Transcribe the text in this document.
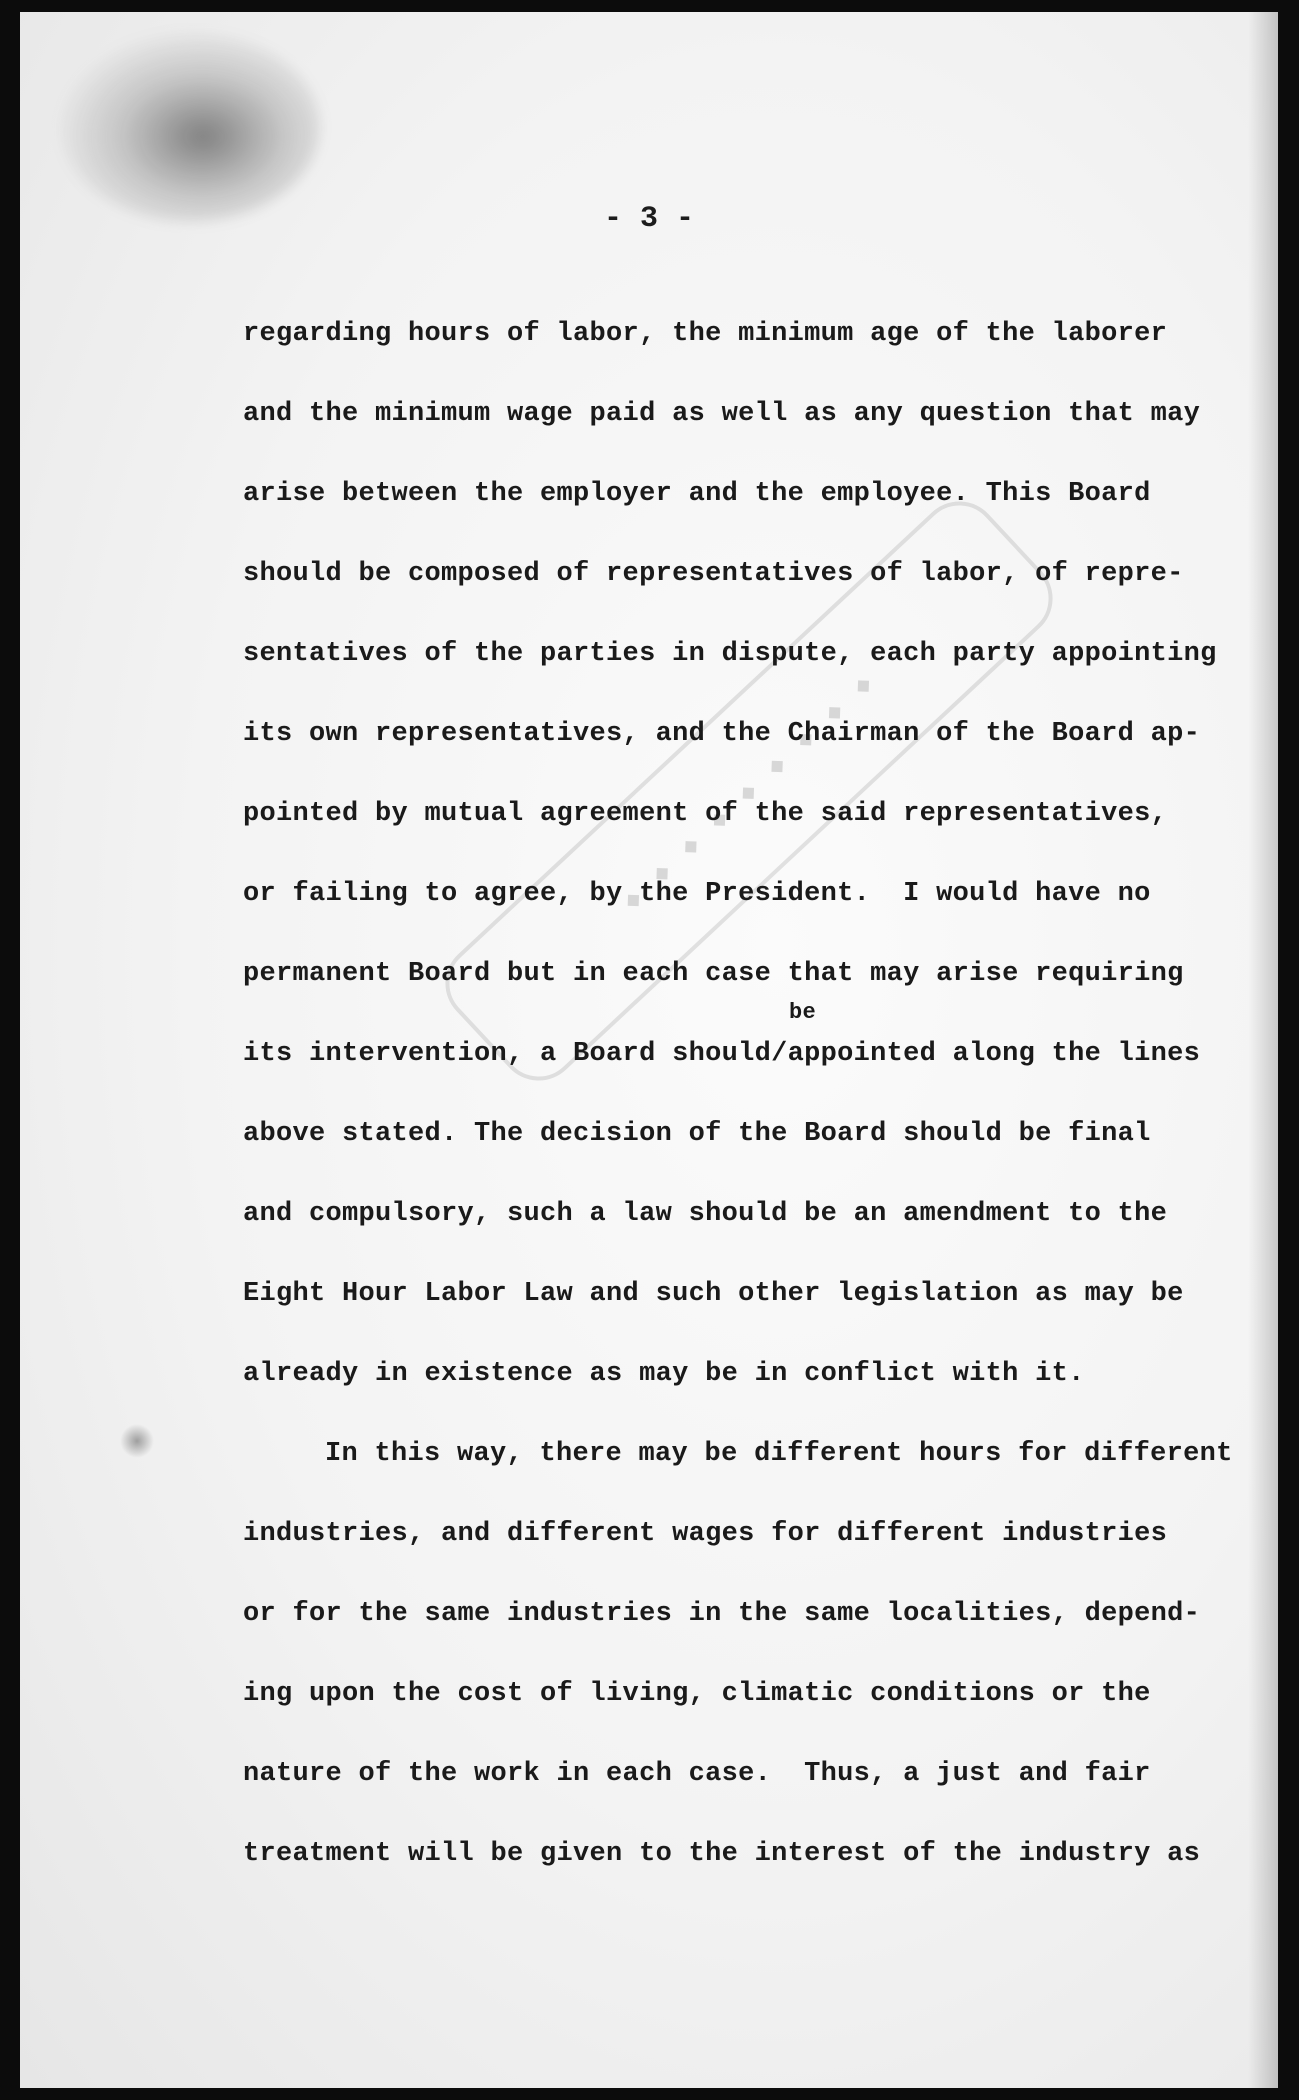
◆ ◆ ◆ ◆ ◆ ◆ ◆ ◆ ◆
- 3 -
regarding hours of labor, the minimum age of the laborer
and the minimum wage paid as well as any question that may
arise between the employer and the employee. This Board
should be composed of representatives of labor, of repre-
sentatives of the parties in dispute, each party appointing
its own representatives, and the Chairman of the Board ap-
pointed by mutual agreement of the said representatives,
or failing to agree, by the President.  I would have no
permanent Board but in each case that may arise requiring
be
its intervention, a Board should/appointed along the lines
above stated. The decision of the Board should be final
and compulsory, such a law should be an amendment to the
Eight Hour Labor Law and such other legislation as may be
already in existence as may be in conflict with it.
In this way, there may be different hours for different
industries, and different wages for different industries
or for the same industries in the same localities, depend-
ing upon the cost of living, climatic conditions or the
nature of the work in each case.  Thus, a just and fair
treatment will be given to the interest of the industry as
